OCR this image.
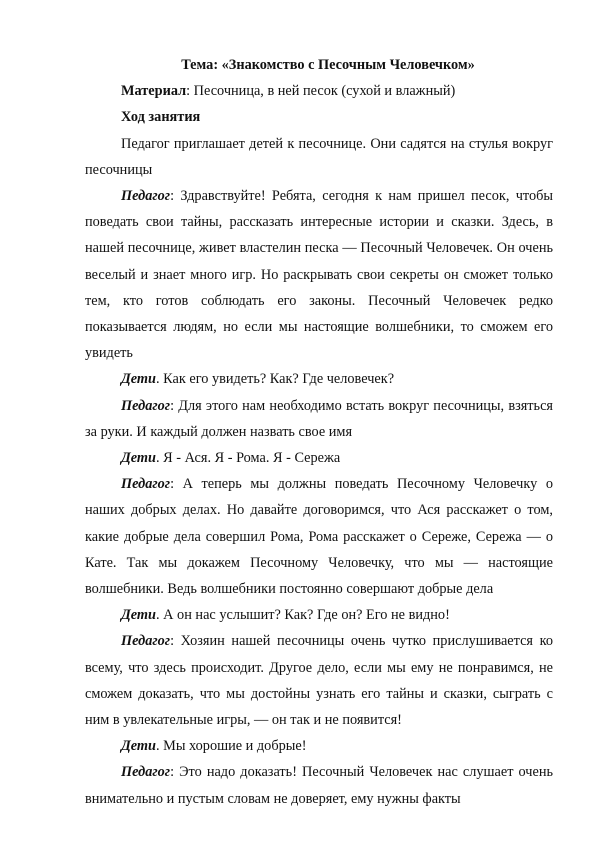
Тема: «Знакомство с Песочным Человечком»

Материал: Песочница, в ней песок (сухой и влажный)

Ход занятия

Педагог приглашает детей к песочнице. Они садятся на стулья вокруг песочницы

Педагог: Здравствуйте! Ребята, сегодня к нам пришел песок, чтобы поведать свои тайны, рассказать интересные истории и сказки. Здесь, в нашей песочнице, живет властелин песка — Песочный Человечек. Он очень веселый и знает много игр. Но раскрывать свои секреты он сможет только тем, кто готов соблюдать его законы. Песочный Человечек редко показывается людям, но если мы настоящие волшебники, то сможем его увидеть

Дети. Как его увидеть? Как? Где человечек?

Педагог: Для этого нам необходимо встать вокруг песочницы, взяться за руки. И каждый должен назвать свое имя

Дети. Я - Ася. Я - Рома. Я - Сережа

Педагог: А теперь мы должны поведать Песочному Человечку о наших добрых делах. Но давайте договоримся, что Ася расскажет о том, какие добрые дела совершил Рома, Рома расскажет о Сереже, Сережа — о Кате. Так мы докажем Песочному Человечку, что мы — настоящие волшебники. Ведь волшебники постоянно совершают добрые дела

Дети. А он нас услышит? Как? Где он? Его не видно!

Педагог: Хозяин нашей песочницы очень чутко прислушивается ко всему, что здесь происходит. Другое дело, если мы ему не понравимся, не сможем доказать, что мы достойны узнать его тайны и сказки, сыграть с ним в увлекательные игры, — он так и не появится!

Дети. Мы хорошие и добрые!

Педагог: Это надо доказать! Песочный Человечек нас слушает очень внимательно и пустым словам не доверяет, ему нужны факты
